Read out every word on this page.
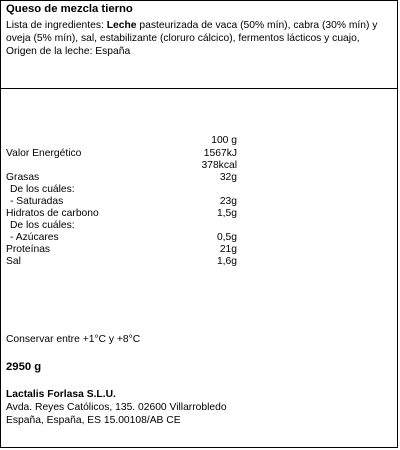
Queso de mezcla tierno
Lista de ingredientes: Leche pasteurizada de vaca (50% mín), cabra (30% mín) y
oveja (5% mín), sal, estabilizante (cloruro cálcico), fermentos lácticos y cuajo,
Origen de la leche: España
100 g
Valor Energético	1567kJ
378kcal
Grasas	32g
De los cuáles:
- Saturadas	23g
Hidratos de carbono	1,5g
De los cuáles:
- Azúcares	0,5g
Proteínas	21g
Sal	1,6g
Conservar entre +1°C y +8°C
2950 g
Lactalis Forlasa S.L.U.
Avda. Reyes Católicos, 135. 02600 Villarrobledo
España, España, ES 15.00108/AB CE
